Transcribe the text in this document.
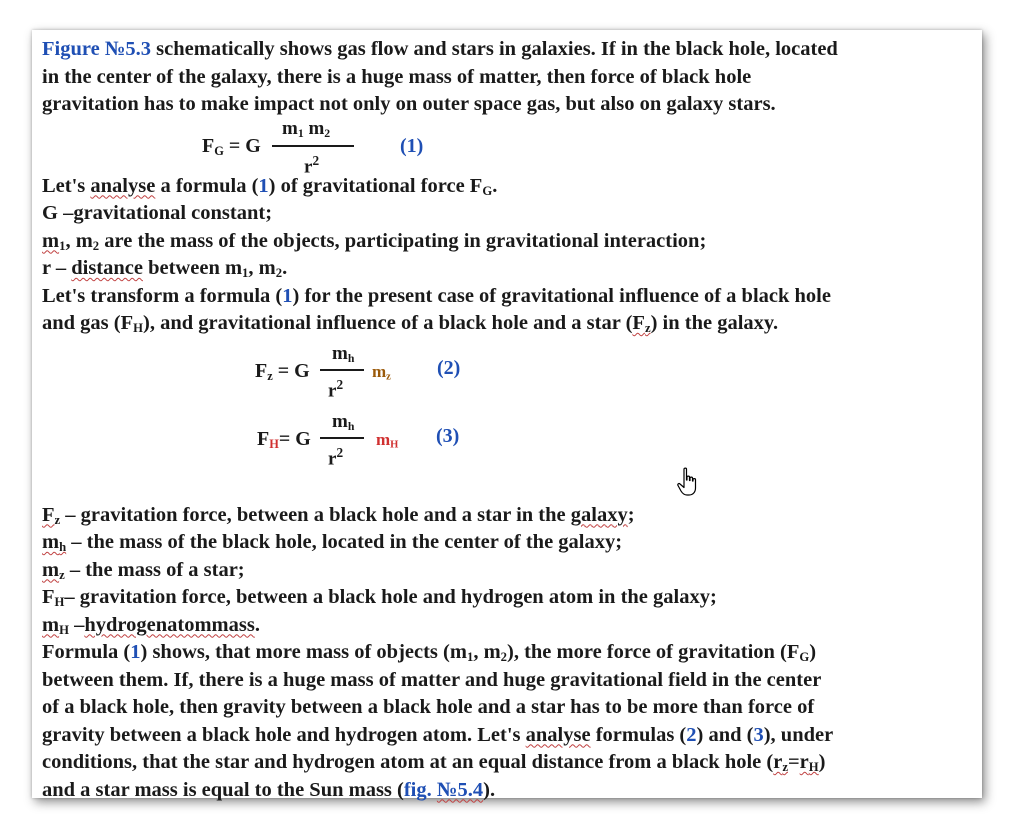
Figure №5.3 schematically shows gas flow and stars in galaxies. If in the black hole, located
in the center of the galaxy, there is a huge mass of matter, then force of black hole
gravitation has to make impact not only on outer space gas, but also on galaxy stars.
$F_G = G$
$m_1$ $m_2$
$r^2$
(1)
Let's analyse a formula (1) of gravitational force $F_G$.
G –gravitational constant;
$m_1$, $m_2$ are the mass of the objects, participating in gravitational interaction;
r – distance between $m_1$, $m_2$.
Let's transform a formula (1) for the present case of gravitational influence of a black hole
and gas $(F_H)$, and gravitational influence of a black hole and a star $(F_z)$ in the galaxy.
$F_z = G$
$m_h$
$r^2$
$m_z$ (2)
$F_H= G$
$m_h$
$r^2$
$m_H$ (3)
$F_z$ – gravitation force, between a black hole and a star in the galaxy;
$m_h$ – the mass of the black hole, located in the center of the galaxy;
$m_z$ – the mass of a star;
$F_H-$ gravitation force, between a black hole and hydrogen atom in the galaxy;
$m_H$ –hydrogenatommass.
Formula (1) shows, that more mass of objects ($m_1$, $m_2$), the more force of gravitation $(F_G)$
between them. If, there is a huge mass of matter and huge gravitational field in the center
of a black hole, then gravity between a black hole and a star has to be more than force of
gravity between a black hole and hydrogen atom. Let's analyse formulas (2) and (3), under
conditions, that the star and hydrogen atom at an equal distance from a black hole $(r_z=r_H)$
and a star mass is equal to the Sun mass (fig. №5.4).
